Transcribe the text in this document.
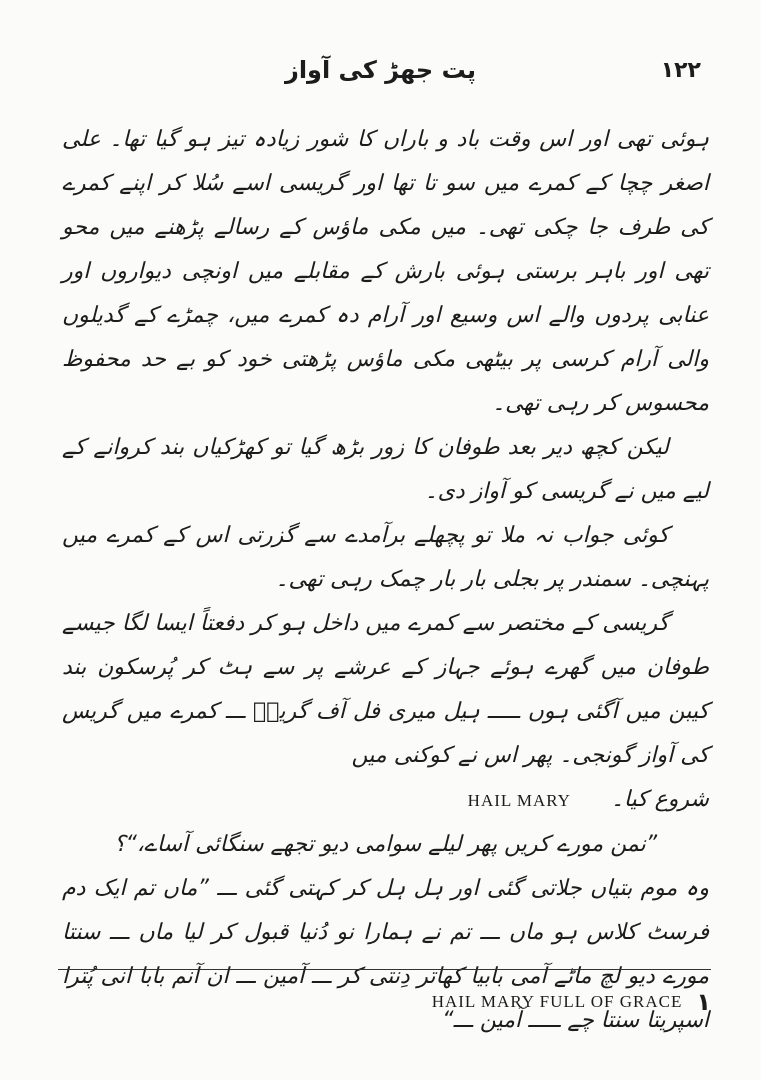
پت جھڑ کی آواز	۱۲۲

ہوئی تھی اور اس وقت باد و باراں کا شور زیادہ تیز ہو گیا تھا۔ علی اصغر چچا کے کمرے میں سو تا تھا اور گریسی اسے سُلا کر اپنے کمرے کی طرف جا چکی تھی۔ میں مکی ماؤس کے رسالے پڑھنے میں محو تھی اور باہر برستی ہوئی بارش کے مقابلے میں اونچی دیواروں اور عنابی پردوں والے اس وسیع اور آرام دہ کمرے میں، چمڑے کے گدیلوں والی آرام کرسی پر بیٹھی مکی ماؤس پڑھتی خود کو بے حد محفوظ محسوس کر رہی تھی۔

لیکن کچھ دیر بعد طوفان کا زور بڑھ گیا تو کھڑکیاں بند کروانے کے لیے میں نے گریسی کو آواز دی۔

کوئی جواب نہ ملا تو پچھلے برآمدے سے گزرتی اس کے کمرے میں پہنچی۔ سمندر پر بجلی بار بار چمک رہی تھی۔

گریسی کے مختصر سے کمرے میں داخل ہو کر دفعتاً ایسا لگا جیسے طوفان میں گھرے ہوئے جہاز کے عرشے پر سے ہٹ کر پُرسکون بند کیبن میں آگئی ہوں ـــــ ہیل میری فل آف گریسؔ ـــ کمرے میں گریس کی آواز گونجی۔ پھر اس نے کوکنی میں
شروع کیا۔HAIL MARY

”نمن مورے کریں پھر لیلے سوامی دیو تجھے سنگائی آساے،“؟

وہ موم بتیاں جلاتی گئی اور ہل ہل کر کہتی گئی ـــ ”ماں تم ایک دم فرسٹ کلاس ہو ماں ـــ تم نے ہمارا نو دُنیا قبول کر لیا ماں ـــ سنتا مورے دیو لچ ماٹے آمی بابیا کھاتر دِنتی کر ـــ آمین ـــ ان آنم بابا انی پُترا اسپریتا سنتا چے ـــــ آمین ـــ“

HAIL MARY FULL OF GRACE ۱
